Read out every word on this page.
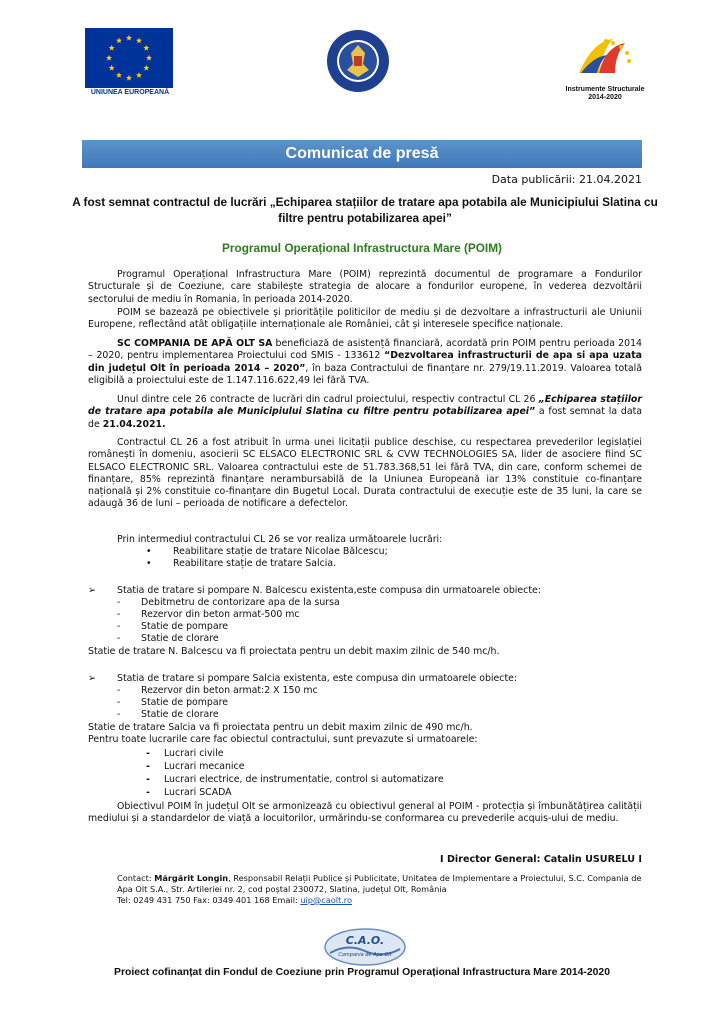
UNIUNEA EUROPEANĂ	Instrumente Structurale
2014-2020
Comunicat de presă
Data publicării: 21.04.2021
A fost semnat contractul de lucrări „Echiparea stațiilor de tratare apa potabila ale Municipiului Slatina cu filtre pentru potabilizarea apei”
Programul Operațional Infrastructura Mare (POIM)
Programul Operațional Infrastructura Mare (POIM) reprezintă documentul de programare a Fondurilor Structurale și de Coeziune, care stabilește strategia de alocare a fondurilor europene, în vederea dezvoltării sectorului de mediu în Romania, în perioada 2014-2020.
POIM se bazează pe obiectivele și prioritățile politicilor de mediu și de dezvoltare a infrastructurii ale Uniunii Europene, reflectând atât obligațiile internaționale ale României, cât și interesele specifice naționale.
SC COMPANIA DE APĂ OLT SA beneficiază de asistență financiară, acordată prin POIM pentru perioada 2014 – 2020, pentru implementarea Proiectului cod SMIS - 133612 “Dezvoltarea infrastructurii de apa si apa uzata din județul Olt în perioada 2014 – 2020”, în baza Contractului de finanțare nr. 279/19.11.2019. Valoarea totală eligibilă a proiectului este de 1.147.116.622,49 lei fără TVA.
Unul dintre cele 26 contracte de lucrări din cadrul proiectului, respectiv contractul CL 26 „Echiparea stațiilor de tratare apa potabila ale Municipiului Slatina cu filtre pentru potabilizarea apei” a fost semnat la data de 21.04.2021.
Contractul CL 26 a fost atribuit în urma unei licitații publice deschise, cu respectarea prevederilor legislației românești în domeniu, asocierii SC ELSACO ELECTRONIC SRL & CVW TECHNOLOGIES SA, lider de asociere fiind SC ELSACO ELECTRONIC SRL. Valoarea contractului este de 51.783.368,51 lei fără TVA, din care, conform schemei de finanțare, 85% reprezintă finanțare nerambursabilă de la Uniunea Europeană iar 13% constituie co-finanțare națională și 2% constituie co-finanțare din Bugetul Local. Durata contractului de execuție este de 35 luni, la care se adaugă 36 de luni – perioada de notificare a defectelor.
Prin intermediul contractului CL 26 se vor realiza următoarele lucrări:
• Reabilitare stație de tratare Nicolae Bălcescu;
• Reabilitare stație de tratare Salcia.
➢ Statia de tratare si pompare N. Balcescu existenta,este compusa din urmatoarele obiecte:
- Debitmetru de contorizare apa de la sursa
- Rezervor din beton armat-500 mc
- Statie de pompare
- Statie de clorare
Statie de tratare N. Balcescu va fi proiectata pentru un debit maxim zilnic de 540 mc/h.
➢ Statia de tratare si pompare Salcia existenta, este compusa din urmatoarele obiecte:
- Rezervor din beton armat:2 X 150 mc
- Statie de pompare
- Statie de clorare
Statie de tratare Salcia va fi proiectata pentru un debit maxim zilnic de 490 mc/h.
Pentru toate lucrarile care fac obiectul contractului, sunt prevazute si urmatoarele:
- Lucrari civile
- Lucrari mecanice
- Lucrari electrice, de instrumentatie, control si automatizare
- Lucrari SCADA
Obiectivul POIM în județul Olt se armonizează cu obiectivul general al POIM - protecția și îmbunătățirea calității mediului și a standardelor de viață a locuitorilor, urmărindu-se conformarea cu prevederile acquis-ului de mediu.
I Director General: Catalin USURELU I
Contact: Mărgărit Longin, Responsabil Relații Publice și Publicitate, Unitatea de Implementare a Proiectului, S.C. Compania de Apa Olt S.A., Str. Artileriei nr. 2, cod poștal 230072, Slatina, județul Olt, România
Tel: 0249 431 750 Fax: 0349 401 168 Email: uip@caolt.ro
C.A.O.
Compania de Apa Olt
Proiect cofinanțat din Fondul de Coeziune prin Programul Operațional Infrastructura Mare 2014-2020
